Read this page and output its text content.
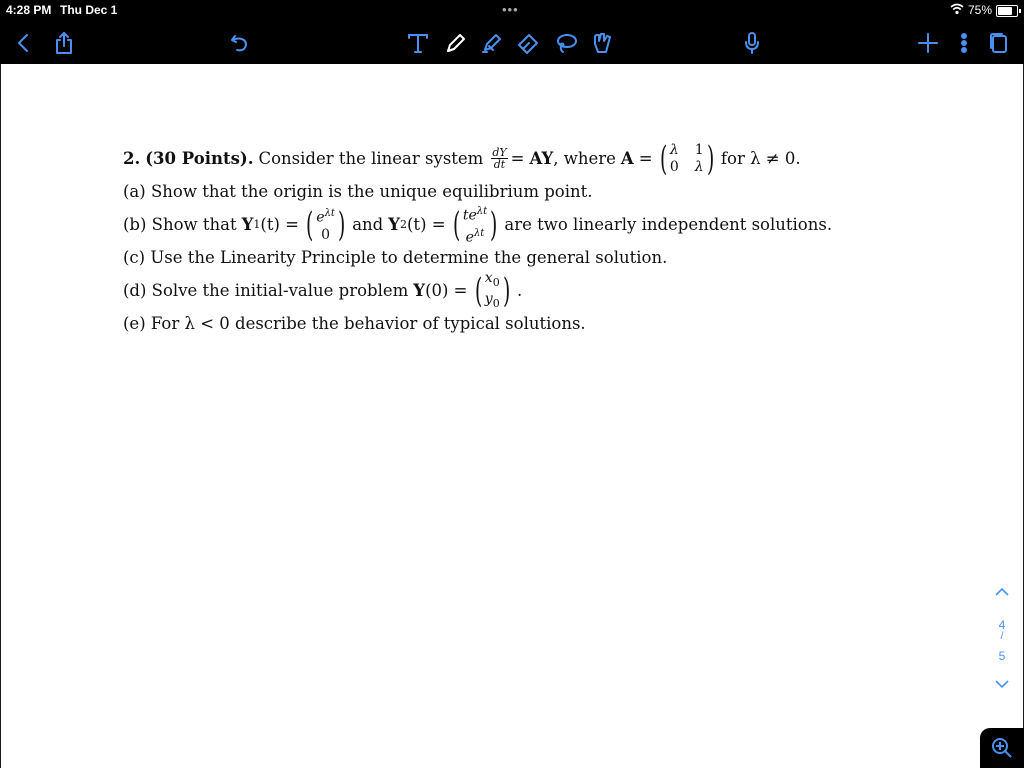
4:28 PM Thu Dec 1	•••	75%
2. (30 Points). Consider the linear system $\frac{dY}{dt}$ = AY , where A = ( λ 1
0 λ ) for λ ≠ 0.
(a) Show that the origin is the unique equilibrium point.
(b) Show that Y 1 (t) = ( $e^{\lambda t}$
0 ) and Y 2 (t) = ( $te^{\lambda t}$
$e^{\lambda t}$ ) are two linearly independent solutions.
(c) Use the Linearity Principle to determine the general solution.
(d) Solve the initial-value problem Y (0) = ( $x_0$
$y_0$ ) .
(e) For λ < 0 describe the behavior of typical solutions.
4
/
5
